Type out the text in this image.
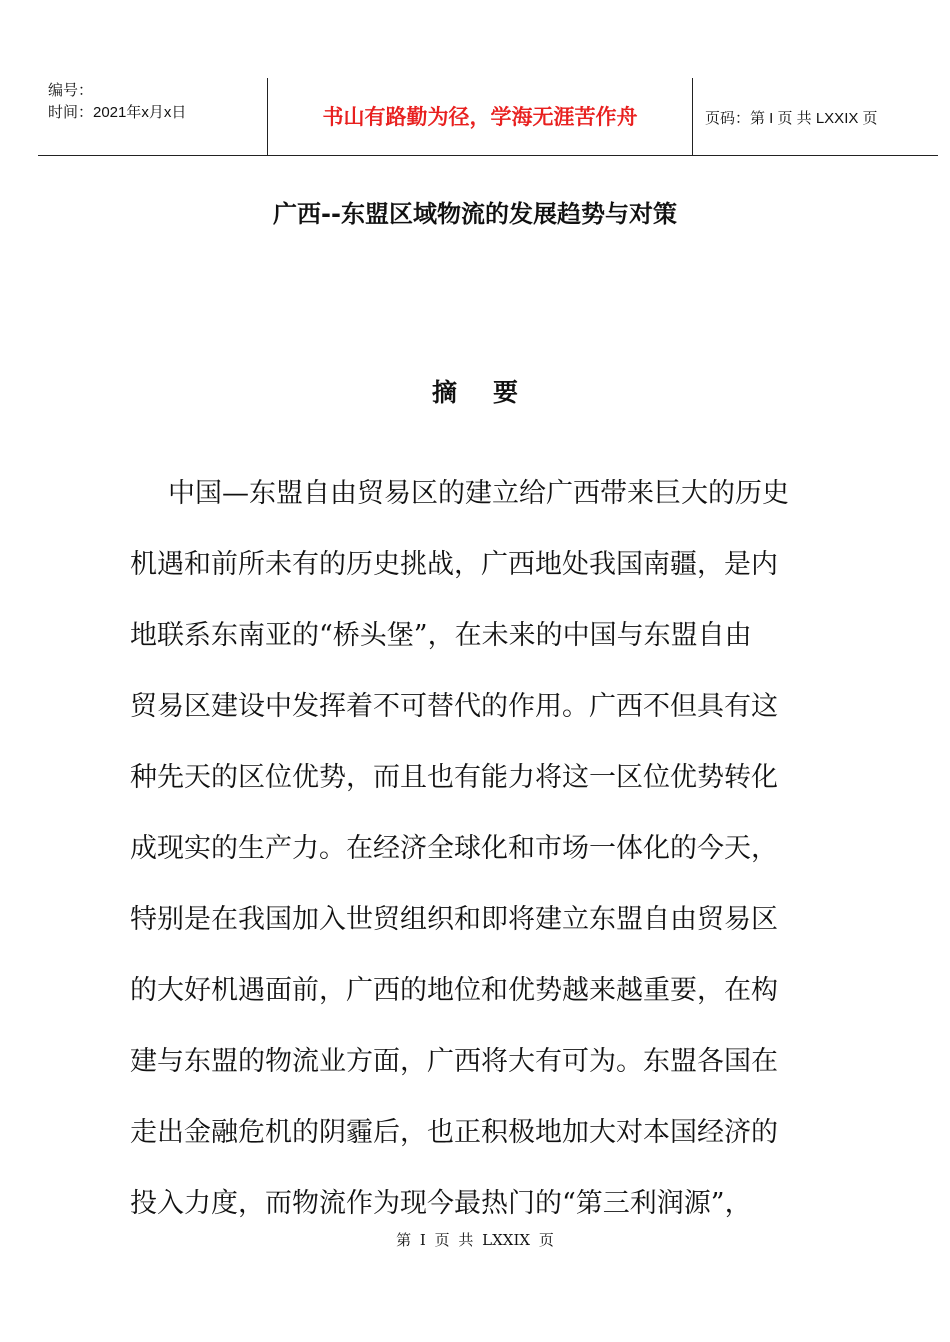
编号：
时间：2021年x月x日	书山有路勤为径，学海无涯苦作舟	页码：第 I 页 共 LXXIX 页
广西--东盟区域物流的发展趋势与对策
摘要
中国—东盟自由贸易区的建立给广西带来巨大的历史
机遇和前所未有的历史挑战，广西地处我国南疆，是内
地联系东南亚的“桥头堡”，在未来的中国与东盟自由
贸易区建设中发挥着不可替代的作用。广西不但具有这
种先天的区位优势，而且也有能力将这一区位优势转化
成现实的生产力。在经济全球化和市场一体化的今天，
特别是在我国加入世贸组织和即将建立东盟自由贸易区
的大好机遇面前，广西的地位和优势越来越重要，在构
建与东盟的物流业方面，广西将大有可为。东盟各国在
走出金融危机的阴霾后，也正积极地加大对本国经济的
投入力度，而物流作为现今最热门的“第三利润源”，
第 I 页 共 LXXIX 页
